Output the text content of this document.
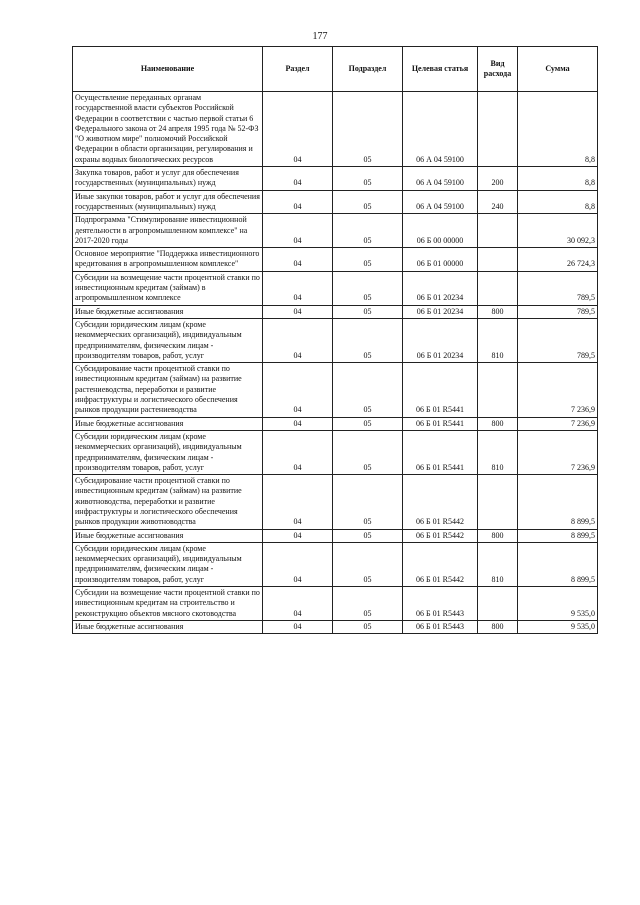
177
Наименование	Раздел	Подраздел	Целевая статья	Вид расхода	Сумма
Осуществление переданных органам государственной власти субъектов Российской Федерации в соответствии с частью первой статьи 6 Федерального закона от 24 апреля 1995 года № 52-ФЗ "О животном мире" полномочий Российской Федерации в области организации, регулирования и охраны водных биологических ресурсов	04	05	06 А 04 59100		8,8
Закупка товаров, работ и услуг для обеспечения государственных (муниципальных) нужд	04	05	06 А 04 59100	200	8,8
Иные закупки товаров, работ и услуг для обеспечения государственных (муниципальных) нужд	04	05	06 А 04 59100	240	8,8
Подпрограмма "Стимулирование инвестиционной деятельности в агропромышленном комплексе" на 2017-2020 годы	04	05	06 Б 00 00000		30 092,3
Основное мероприятие "Поддержка инвестиционного кредитования в агропромышленном комплексе"	04	05	06 Б 01 00000		26 724,3
Субсидии на возмещение части процентной ставки по инвестиционным кредитам (займам) в агропромышленном комплексе	04	05	06 Б 01 20234		789,5
Иные бюджетные ассигнования	04	05	06 Б 01 20234	800	789,5
Субсидии юридическим лицам (кроме некоммерческих организаций), индивидуальным предпринимателям, физическим лицам - производителям товаров, работ, услуг	04	05	06 Б 01 20234	810	789,5
Субсидирование части процентной ставки по инвестиционным кредитам (займам) на развитие растениеводства, переработки и развитие инфраструктуры и логистического обеспечения рынков продукции растениеводства	04	05	06 Б 01 R5441		7 236,9
Иные бюджетные ассигнования	04	05	06 Б 01 R5441	800	7 236,9
Субсидии юридическим лицам (кроме некоммерческих организаций), индивидуальным предпринимателям, физическим лицам - производителям товаров, работ, услуг	04	05	06 Б 01 R5441	810	7 236,9
Субсидирование части процентной ставки по инвестиционным кредитам (займам) на развитие животноводства, переработки и развитие инфраструктуры и логистического обеспечения рынков продукции животноводства	04	05	06 Б 01 R5442		8 899,5
Иные бюджетные ассигнования	04	05	06 Б 01 R5442	800	8 899,5
Субсидии юридическим лицам (кроме некоммерческих организаций), индивидуальным предпринимателям, физическим лицам - производителям товаров, работ, услуг	04	05	06 Б 01 R5442	810	8 899,5
Субсидии на возмещение части процентной ставки по инвестиционным кредитам на строительство и реконструкцию объектов мясного скотоводства	04	05	06 Б 01 R5443		9 535,0
Иные бюджетные ассигнования	04	05	06 Б 01 R5443	800	9 535,0
